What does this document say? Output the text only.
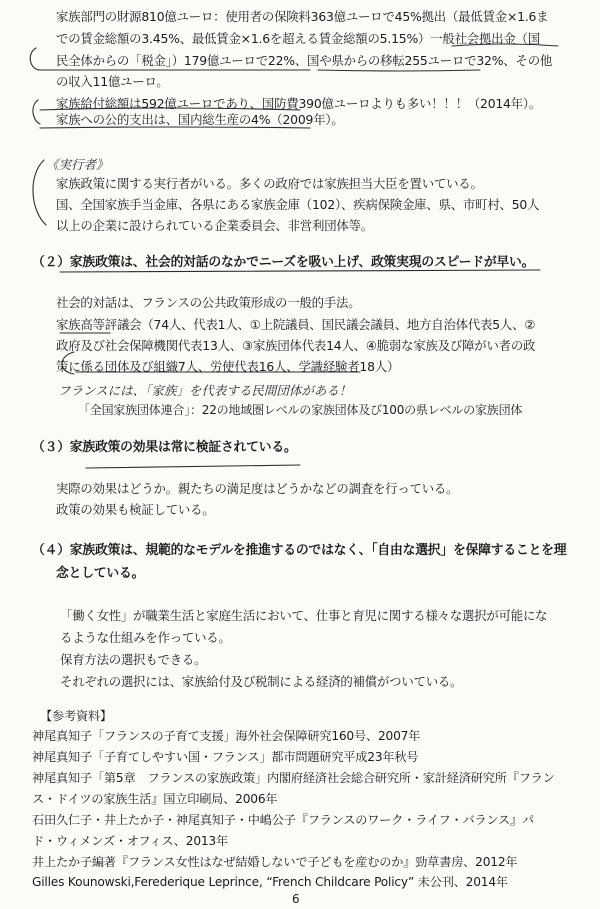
家族部門の財源810億ユーロ：使用者の保険料363億ユーロで45%拠出（最低賃金×1.6ま

での賃金総額の3.45%、最低賃金×1.6を超える賃金総額の5.15%）一般社会拠出金（国

民全体からの「税金」）179億ユーロで22%、国や県からの移転255ユーロで32%、その他

の収入11億ユーロ。

家族給付総額は592億ユーロであり、国防費390億ユーロよりも多い！！！（2014年）。

家族への公的支出は、国内総生産の4%（2009年）。

《実行者》

家族政策に関する実行者がいる。多くの政府では家族担当大臣を置いている。

国、全国家族手当金庫、各県にある家族金庫（102）、疾病保険金庫、県、市町村、50人

以上の企業に設けられている企業委員会、非営利団体等。

（２）家族政策は、社会的対話のなかでニーズを吸い上げ、政策実現のスピードが早い。

社会的対話は、フランスの公共政策形成の一般的手法。

家族高等評議会（74人、代表1人、①上院議員、国民議会議員、地方自治体代表5人、②

政府及び社会保障機関代表13人、③家族団体代表14人、④脆弱な家族及び障がい者の政

策に係る団体及び組織7人、労使代表16人、学識経験者18人）

フランスには、「家族」を代表する民間団体がある！

「全国家族団体連合」：22の地域圏レベルの家族団体及び100の県レベルの家族団体

（３）家族政策の効果は常に検証されている。

実際の効果はどうか。親たちの満足度はどうかなどの調査を行っている。

政策の効果も検証している。

（４）家族政策は、規範的なモデルを推進するのではなく、「自由な選択」を保障することを理

念としている。

「働く女性」が職業生活と家庭生活において、仕事と育児に関する様々な選択が可能にな

るような仕組みを作っている。

保育方法の選択もできる。

それぞれの選択には、家族給付及び税制による経済的補償がついている。

【参考資料】

神尾真知子「フランスの子育て支援」海外社会保障研究160号、2007年

神尾真知子「子育てしやすい国・フランス」都市問題研究平成23年秋号

神尾真知子「第5章　フランスの家族政策」内閣府経済社会総合研究所・家計経済研究所『フラン

ス・ドイツの家族生活』国立印刷局、2006年

石田久仁子・井上たか子・神尾真知子・中嶋公子『フランスのワーク・ライフ・バランス』パ

ド・ウィメンズ・オフィス、2013年

井上たか子編著『フランス女性はなぜ結婚しないで子どもを産むのか』勁草書房、2012年

Gilles Kounowski,Ferederique Leprince, “French Childcare Policy” 未公刊、2014年

6
